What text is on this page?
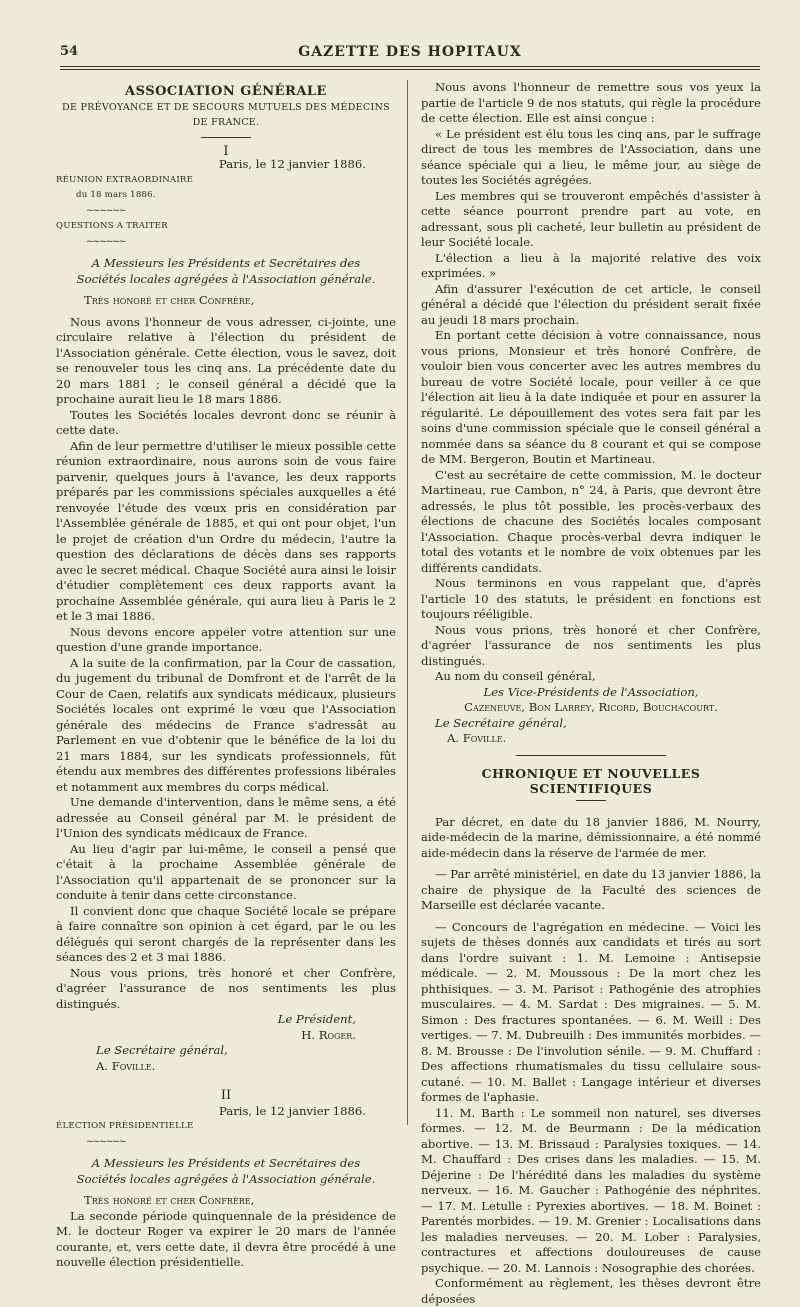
54	GAZETTE DES HOPITAUX

ASSOCIATION GÉNÉRALE

DE PRÉVOYANCE ET DE SECOURS MUTUELS DES MÉDECINS DE FRANCE.

I

Paris, le 12 janvier 1886.

RÉUNION EXTRAORDINAIRE

du 18 mars 1886.

~~~~~~

QUESTIONS A TRAITER

~~~~~~

A Messieurs les Présidents et Secrétaires des Sociétés locales agrégées à l'Association générale.

Très honoré et cher Confrère,

Nous avons l'honneur de vous adresser, ci-jointe, une circulaire relative à l'élection du président de l'Association générale. Cette élection, vous le savez, doit se renouveler tous les cinq ans. La précédente date du 20 mars 1881 ; le conseil général a décidé que la prochaine aurait lieu le 18 mars 1886.

Toutes les Sociétés locales devront donc se réunir à cette date.

Afin de leur permettre d'utiliser le mieux possible cette réunion extraordinaire, nous aurons soin de vous faire parvenir, quelques jours à l'avance, les deux rapports préparés par les commissions spéciales auxquelles a été renvoyée l'étude des vœux pris en considération par l'Assemblée générale de 1885, et qui ont pour objet, l'un le projet de création d'un Ordre du médecin, l'autre la question des déclarations de décès dans ses rapports avec le secret médical. Chaque Société aura ainsi le loisir d'étudier complètement ces deux rapports avant la prochaine Assemblée générale, qui aura lieu à Paris le 2 et le 3 mai 1886.

Nous devons encore appeler votre attention sur une question d'une grande importance.

A la suite de la confirmation, par la Cour de cassation, du jugement du tribunal de Domfront et de l'arrêt de la Cour de Caen, relatifs aux syndicats médicaux, plusieurs Sociétés locales ont exprimé le vœu que l'Association générale des médecins de France s'adressât au Parlement en vue d'obtenir que le bénéfice de la loi du 21 mars 1884, sur les syndicats professionnels, fût étendu aux membres des différentes professions libérales et notamment aux membres du corps médical.

Une demande d'intervention, dans le même sens, a été adressée au Conseil général par M. le président de l'Union des syndicats médicaux de France.

Au lieu d'agir par lui-même, le conseil a pensé que c'était à la prochaine Assemblée générale de l'Association qu'il appartenait de se prononcer sur la conduite à tenir dans cette circonstance.

Il convient donc que chaque Société locale se prépare à faire connaître son opinion à cet égard, par le ou les délégués qui seront chargés de la représenter dans les séances des 2 et 3 mai 1886.

Nous vous prions, très honoré et cher Confrère, d'agréer l'assurance de nos sentiments les plus distingués.

Le Président,

H. Roger.

Le Secrétaire général,

A. Foville.

II

Paris, le 12 janvier 1886.

ÉLECTION PRÉSIDENTIELLE

~~~~~~

A Messieurs les Présidents et Secrétaires des Sociétés locales agrégées à l'Association générale.

Très honoré et cher Confrère,

La seconde période quinquennale de la présidence de M. le docteur Roger va expirer le 20 mars de l'année courante, et, vers cette date, il devra être procédé à une nouvelle élection présidentielle.

Nous avons l'honneur de remettre sous vos yeux la partie de l'article 9 de nos statuts, qui règle la procédure de cette élection. Elle est ainsi conçue :

« Le président est élu tous les cinq ans, par le suffrage direct de tous les membres de l'Association, dans une séance spéciale qui a lieu, le même jour, au siège de toutes les Sociétés agrégées.

Les membres qui se trouveront empêchés d'assister à cette séance pourront prendre part au vote, en adressant, sous pli cacheté, leur bulletin au président de leur Société locale.

L'élection a lieu à la majorité relative des voix exprimées. »

Afin d'assurer l'exécution de cet article, le conseil général a décidé que l'élection du président serait fixée au jeudi 18 mars prochain.

En portant cette décision à votre connaissance, nous vous prions, Monsieur et très honoré Confrère, de vouloir bien vous concerter avec les autres membres du bureau de votre Société locale, pour veiller à ce que l'élection ait lieu à la date indiquée et pour en assurer la régularité. Le dépouillement des votes sera fait par les soins d'une commission spéciale que le conseil général a nommée dans sa séance du 8 courant et qui se compose de MM. Bergeron, Boutin et Martineau.

C'est au secrétaire de cette commission, M. le docteur Martineau, rue Cambon, n° 24, à Paris, que devront être adressés, le plus tôt possible, les procès-verbaux des élections de chacune des Sociétés locales composant l'Association. Chaque procès-verbal devra indiquer le total des votants et le nombre de voix obtenues par les différents candidats.

Nous terminons en vous rappelant que, d'après l'article 10 des statuts, le président en fonctions est toujours rééligible.

Nous vous prions, très honoré et cher Confrère, d'agréer l'assurance de nos sentiments les plus distingués.

Au nom du conseil général,

Les Vice-Présidents de l'Association,

Cazeneuve, Bon Larrey, Ricord, Bouchacourt.

Le Secrétaire général,

A. Foville.

CHRONIQUE ET NOUVELLES SCIENTIFIQUES

Par décret, en date du 18 janvier 1886, M. Nourry, aide-médecin de la marine, démissionnaire, a été nommé aide-médecin dans la réserve de l'armée de mer.

— Par arrêté ministériel, en date du 13 janvier 1886, la chaire de physique de la Faculté des sciences de Marseille est déclarée vacante.

— Concours de l'agrégation en médecine. — Voici les sujets de thèses donnés aux candidats et tirés au sort dans l'ordre suivant : 1. M. Lemoine : Antisepsie médicale. — 2. M. Moussous : De la mort chez les phthisiques. — 3. M. Parisot : Pathogénie des atrophies musculaires. — 4. M. Sardat : Des migraines. — 5. M. Simon : Des fractures spontanées. — 6. M. Weill : Des vertiges. — 7. M. Dubreuilh : Des immunités morbides. — 8. M. Brousse : De l'involution sénile. — 9. M. Chuffard : Des affections rhumatismales du tissu cellulaire sous-cutané. — 10. M. Ballet : Langage intérieur et diverses formes de l'aphasie.

11. M. Barth : Le sommeil non naturel, ses diverses formes. — 12. M. de Beurmann : De la médication abortive. — 13. M. Brissaud : Paralysies toxiques. — 14. M. Chauffard : Des crises dans les maladies. — 15. M. Déjerine : De l'hérédité dans les maladies du système nerveux. — 16. M. Gaucher : Pathogénie des néphrites. — 17. M. Letulle : Pyrexies abortives. — 18. M. Boinet : Parentés morbides. — 19. M. Grenier : Localisations dans les maladies nerveuses. — 20. M. Lober : Paralysies, contractures et affections douloureuses de cause psychique. — 20. M. Lannois : Nosographie des chorées.

Conformément au règlement, les thèses devront être déposées
